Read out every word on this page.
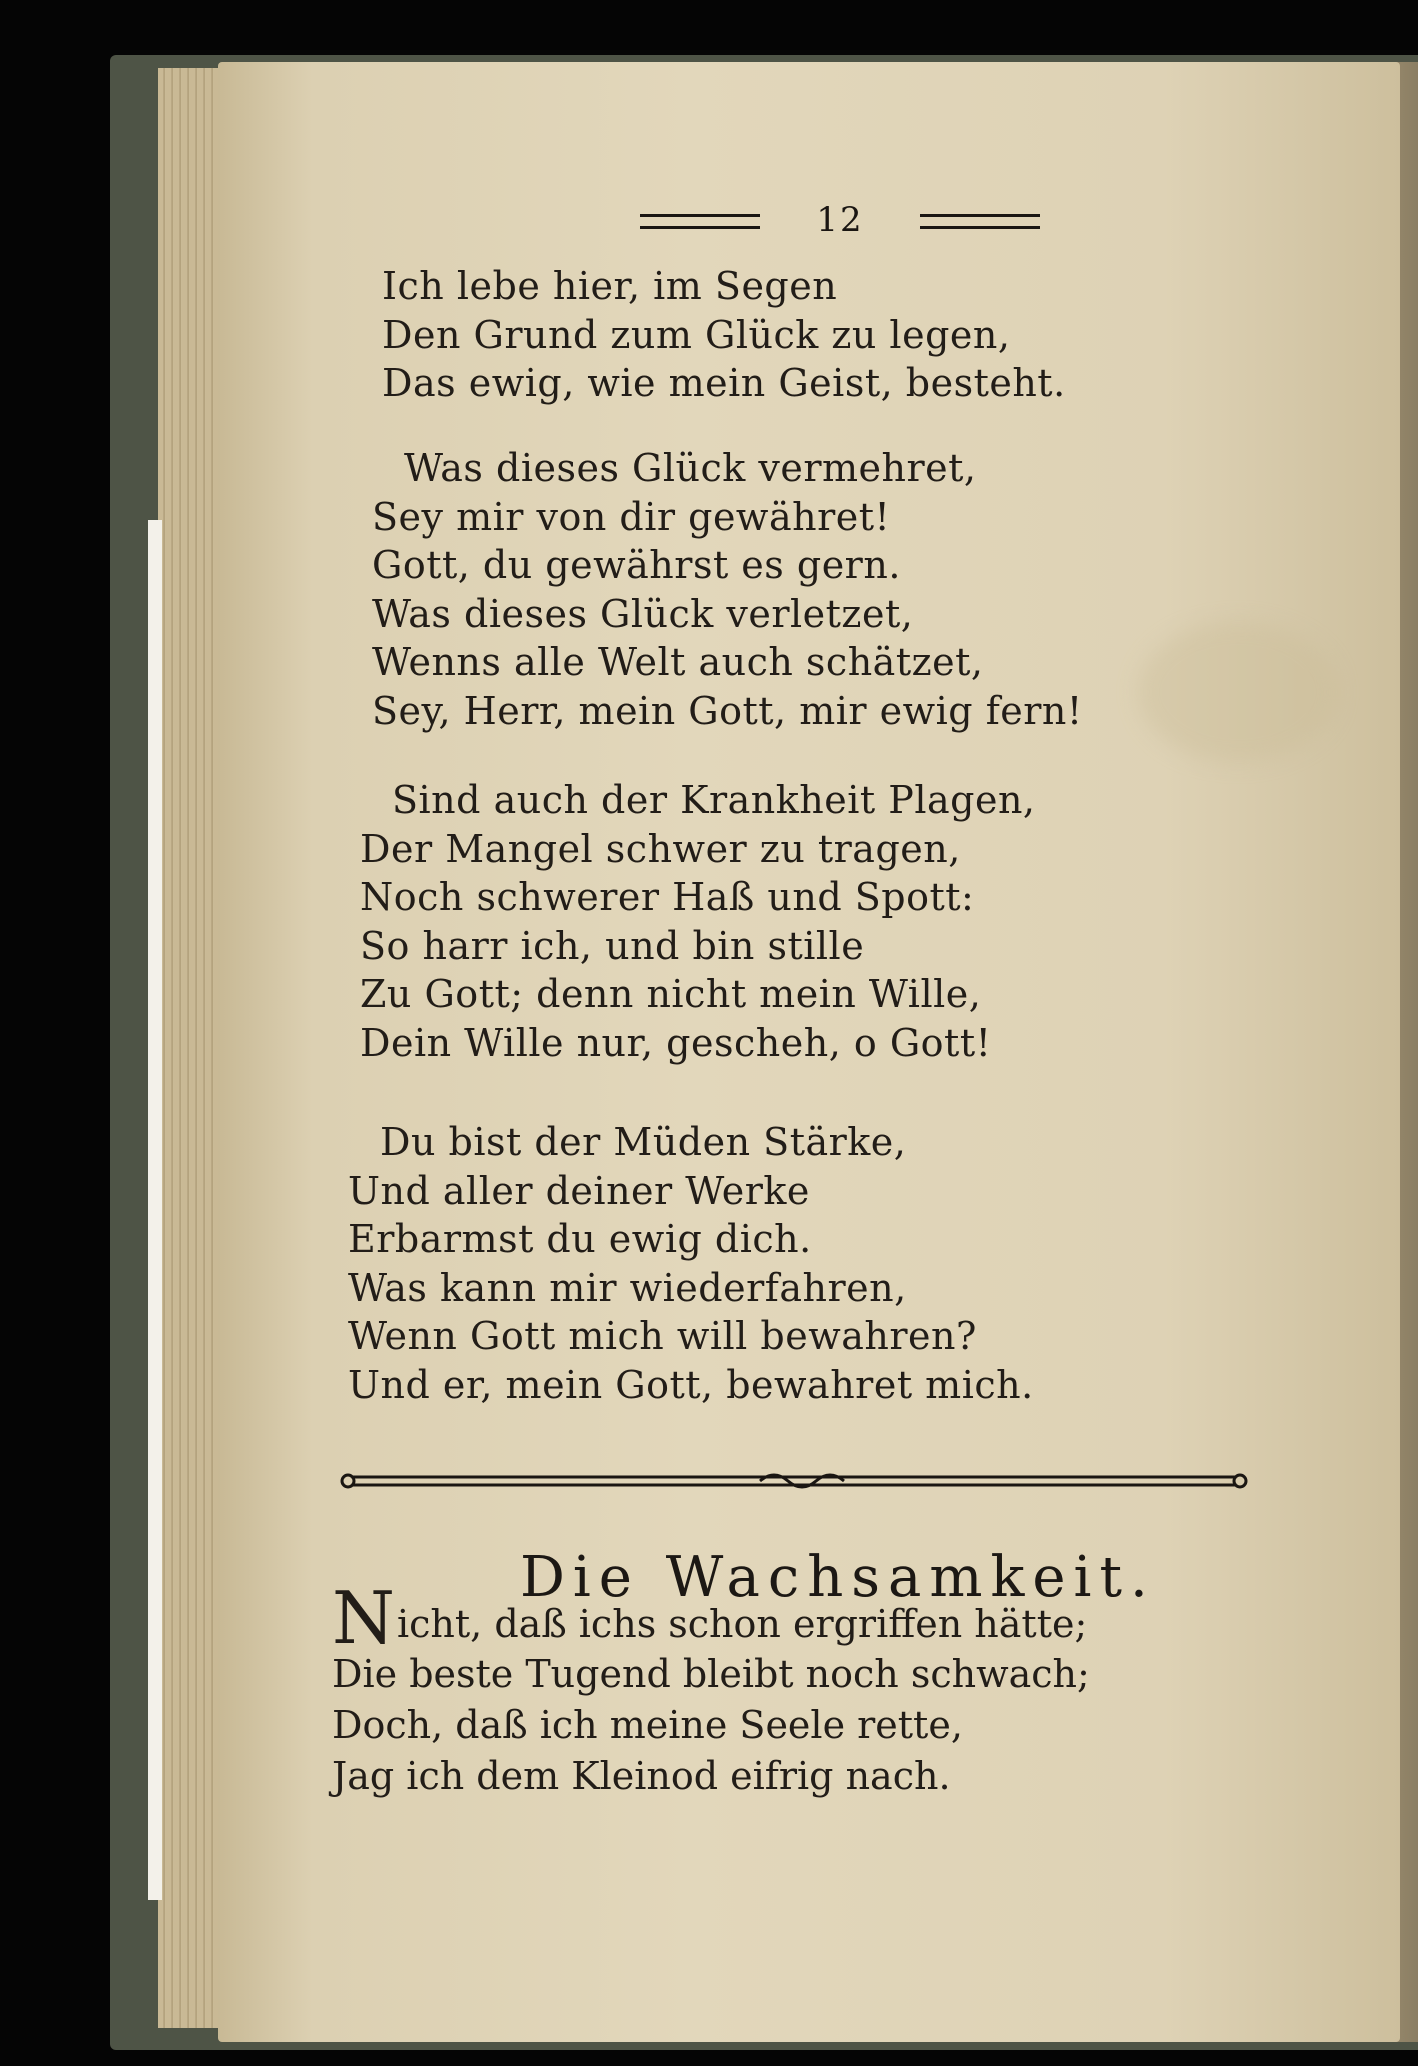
12
Ich lebe hier, im Segen
Den Grund zum Glück zu legen,
Das ewig, wie mein Geist, besteht.
Was dieses Glück vermehret,
Sey mir von dir gewähret!
Gott, du gewährst es gern.
Was dieses Glück verletzet,
Wenns alle Welt auch schätzet,
Sey, Herr, mein Gott, mir ewig fern!
Sind auch der Krankheit Plagen,
Der Mangel schwer zu tragen,
Noch schwerer Haß und Spott:
So harr ich, und bin stille
Zu Gott; denn nicht mein Wille,
Dein Wille nur, gescheh, o Gott!
Du bist der Müden Stärke,
Und aller deiner Werke
Erbarmst du ewig dich.
Was kann mir wiederfahren,
Wenn Gott mich will bewahren?
Und er, mein Gott, bewahret mich.
Die Wachsamkeit.
Nicht, daß ichs schon ergriffen hätte;
Die beste Tugend bleibt noch schwach;
Doch, daß ich meine Seele rette,
Jag ich dem Kleinod eifrig nach.
